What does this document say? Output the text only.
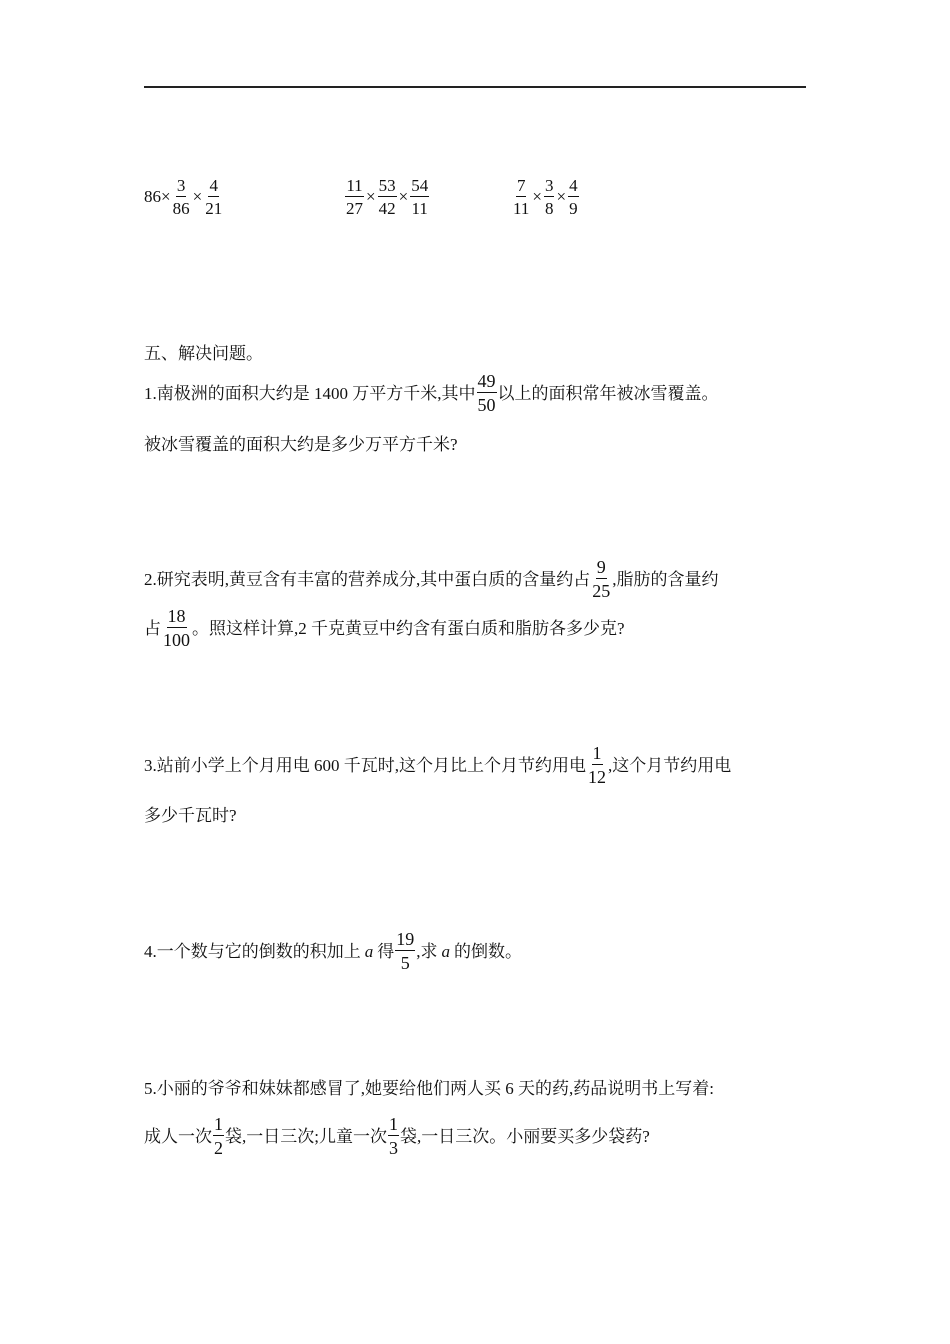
$86\times \frac{3}{86} \times \frac{4}{21}$	$\frac{11}{27} \times \frac{53}{42} \times \frac{54}{11}$	$\frac{7}{11} \times \frac{3}{8} \times \frac{4}{9}$
五、解决问题。
1.南极洲的面积大约是 1400 万平方千米,其中 $\frac{49}{50}$ 以上的面积常年被冰雪覆盖。
被冰雪覆盖的面积大约是多少万平方千米?
2.研究表明,黄豆含有丰富的营养成分,其中蛋白质的含量约占 $\frac{9}{25}$ ,脂肪的含量约
占 $\frac{18}{100}$ 。照这样计算,2 千克黄豆中约含有蛋白质和脂肪各多少克?
3.站前小学上个月用电 600 千瓦时,这个月比上个月节约用电 $\frac{1}{12}$ ,这个月节约用电
多少千瓦时?
4.一个数与它的倒数的积加上 a 得 $\frac{19}{5}$ ,求 a 的倒数。
5.小丽的爷爷和妹妹都感冒了,她要给他们两人买 6 天的药,药品说明书上写着:
成人一次 $\frac{1}{2}$ 袋,一日三次;儿童一次 $\frac{1}{3}$ 袋,一日三次。小丽要买多少袋药?
